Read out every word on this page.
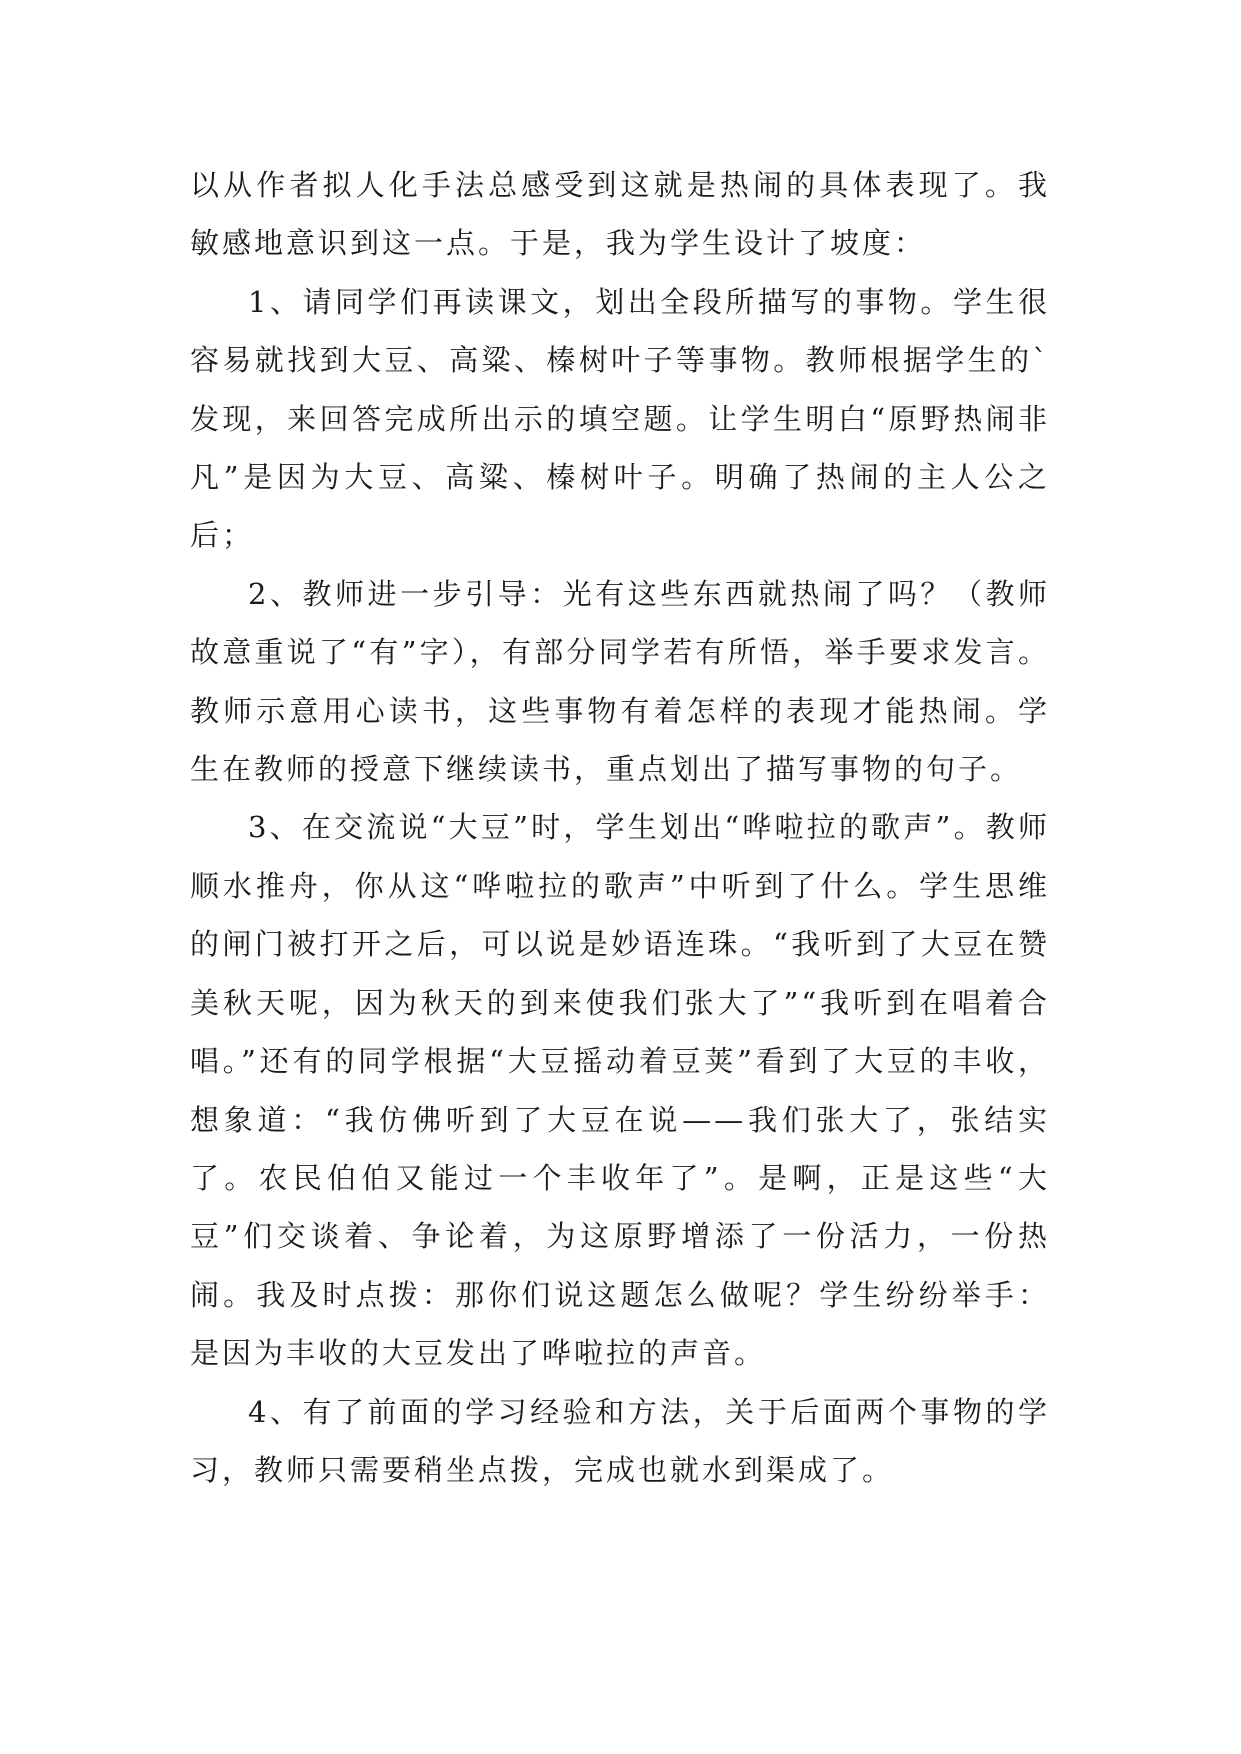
以从作者拟人化手法总感受到这就是热闹的具体表现了。我敏感地意识到这一点。于是，我为学生设计了坡度：

1、请同学们再读课文，划出全段所描写的事物。学生很容易就找到大豆、高粱、榛树叶子等事物。教师根据学生的`发现，来回答完成所出示的填空题。让学生明白“原野热闹非凡”是因为大豆、高粱、榛树叶子。明确了热闹的主人公之后；

2、教师进一步引导：光有这些东西就热闹了吗？（教师故意重说了“有”字），有部分同学若有所悟，举手要求发言。教师示意用心读书，这些事物有着怎样的表现才能热闹。学生在教师的授意下继续读书，重点划出了描写事物的句子。

3、在交流说“大豆”时，学生划出“哗啦拉的歌声”。教师顺水推舟，你从这“哗啦拉的歌声”中听到了什么。学生思维的闸门被打开之后，可以说是妙语连珠。“我听到了大豆在赞美秋天呢，因为秋天的到来使我们张大了”“我听到在唱着合唱。”还有的同学根据“大豆摇动着豆荚”看到了大豆的丰收，想象道：“我仿佛听到了大豆在说——我们张大了，张结实了。农民伯伯又能过一个丰收年了”。是啊，正是这些“大豆”们交谈着、争论着，为这原野增添了一份活力，一份热闹。我及时点拨：那你们说这题怎么做呢？学生纷纷举手：是因为丰收的大豆发出了哗啦拉的声音。

4、有了前面的学习经验和方法，关于后面两个事物的学习，教师只需要稍坐点拨，完成也就水到渠成了。
